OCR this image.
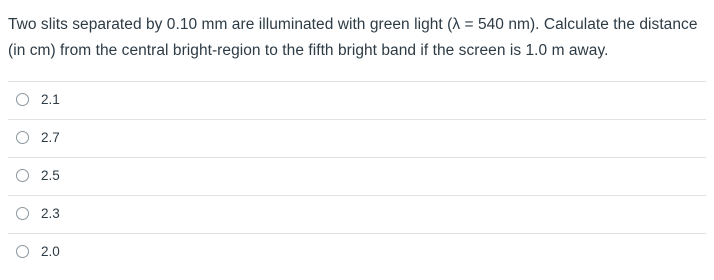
Two slits separated by 0.10 mm are illuminated with green light (λ = 540 nm). Calculate the distance
(in cm) from the central bright-region to the fifth bright band if the screen is 1.0 m away.
2.1
2.7
2.5
2.3
2.0
